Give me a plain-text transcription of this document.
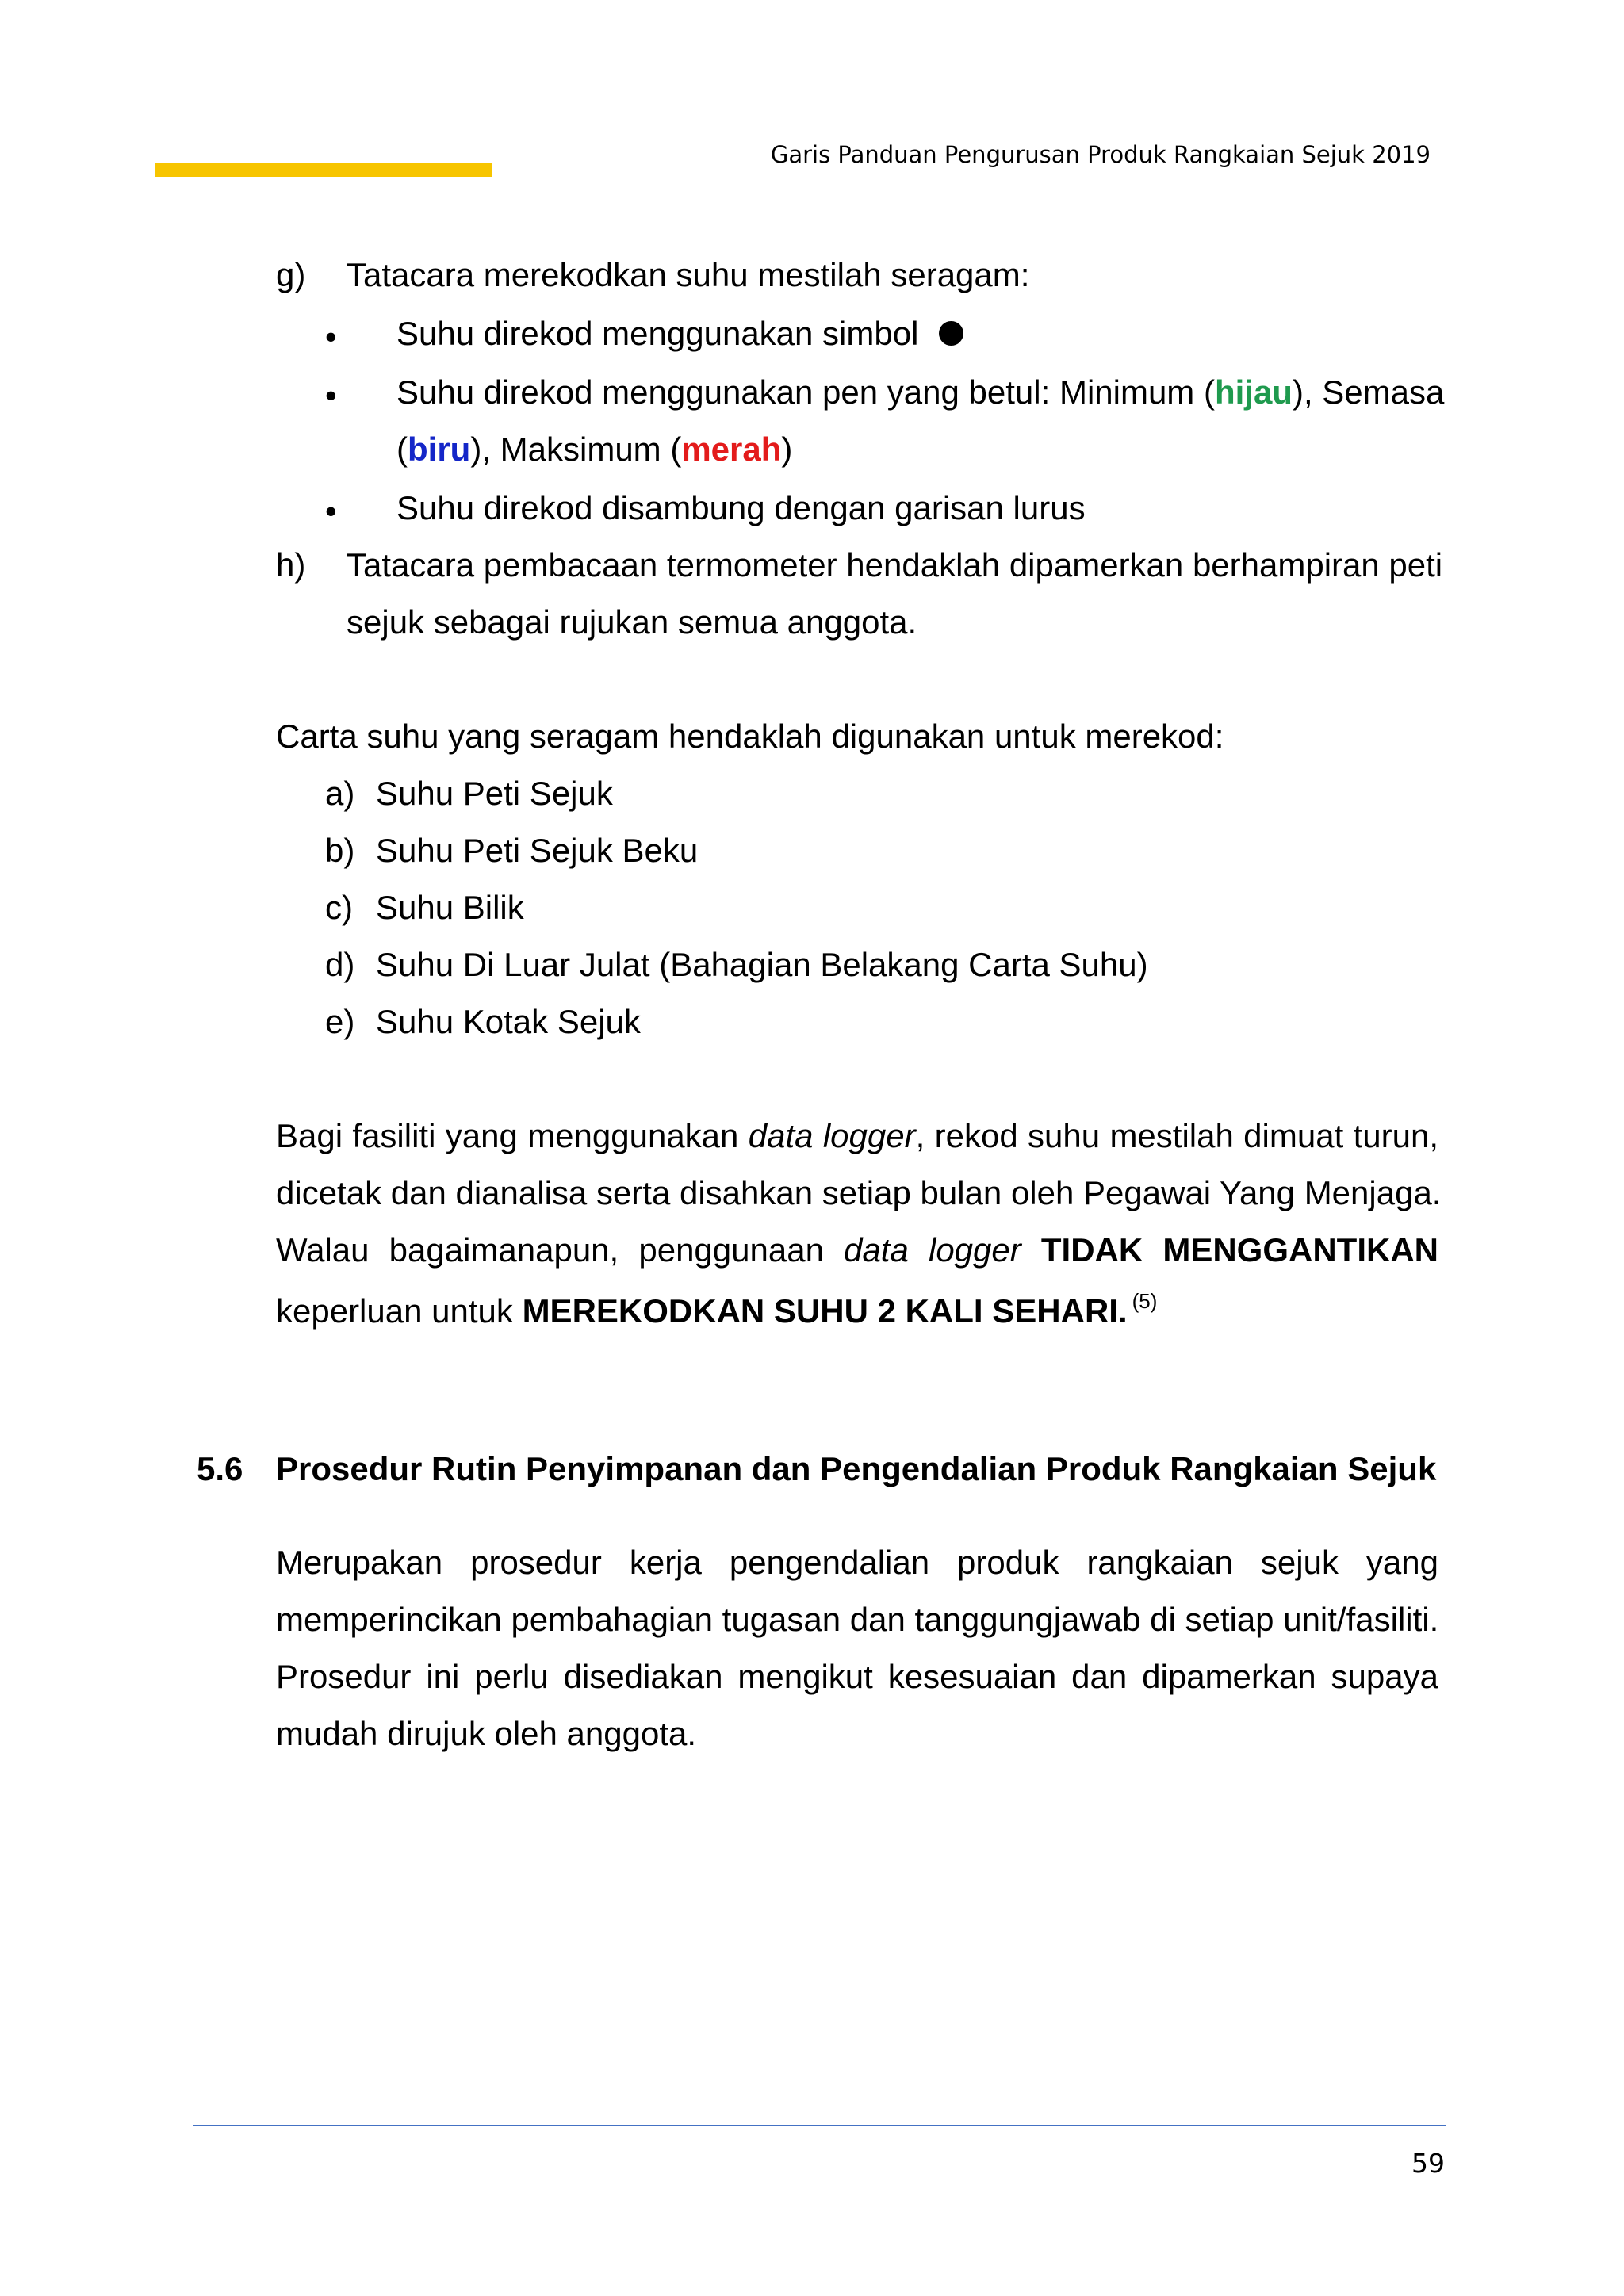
Garis Panduan Pengurusan Produk Rangkaian Sejuk 2019
g) Tatacara merekodkan suhu mestilah seragam:
• Suhu direkod menggunakan simbol
• Suhu direkod menggunakan pen yang betul: Minimum (hijau), Semasa
(biru), Maksimum (merah)
• Suhu direkod disambung dengan garisan lurus
h) Tatacara pembacaan termometer hendaklah dipamerkan berhampiran peti
sejuk sebagai rujukan semua anggota.
Carta suhu yang seragam hendaklah digunakan untuk merekod:
a) Suhu Peti Sejuk
b) Suhu Peti Sejuk Beku
c) Suhu Bilik
d) Suhu Di Luar Julat (Bahagian Belakang Carta Suhu)
e) Suhu Kotak Sejuk
Bagi fasiliti yang menggunakan data logger, rekod suhu mestilah dimuat turun,
dicetak dan dianalisa serta disahkan setiap bulan oleh Pegawai Yang Menjaga.
Walau bagaimanapun, penggunaan data logger TIDAK MENGGANTIKAN
keperluan untuk MEREKODKAN SUHU 2 KALI SEHARI. $^{(5)}$
5.6 Prosedur Rutin Penyimpanan dan Pengendalian Produk Rangkaian Sejuk
Merupakan prosedur kerja pengendalian produk rangkaian sejuk yang
memperincikan pembahagian tugasan dan tanggungjawab di setiap unit/fasiliti.
Prosedur ini perlu disediakan mengikut kesesuaian dan dipamerkan supaya
mudah dirujuk oleh anggota.
59
